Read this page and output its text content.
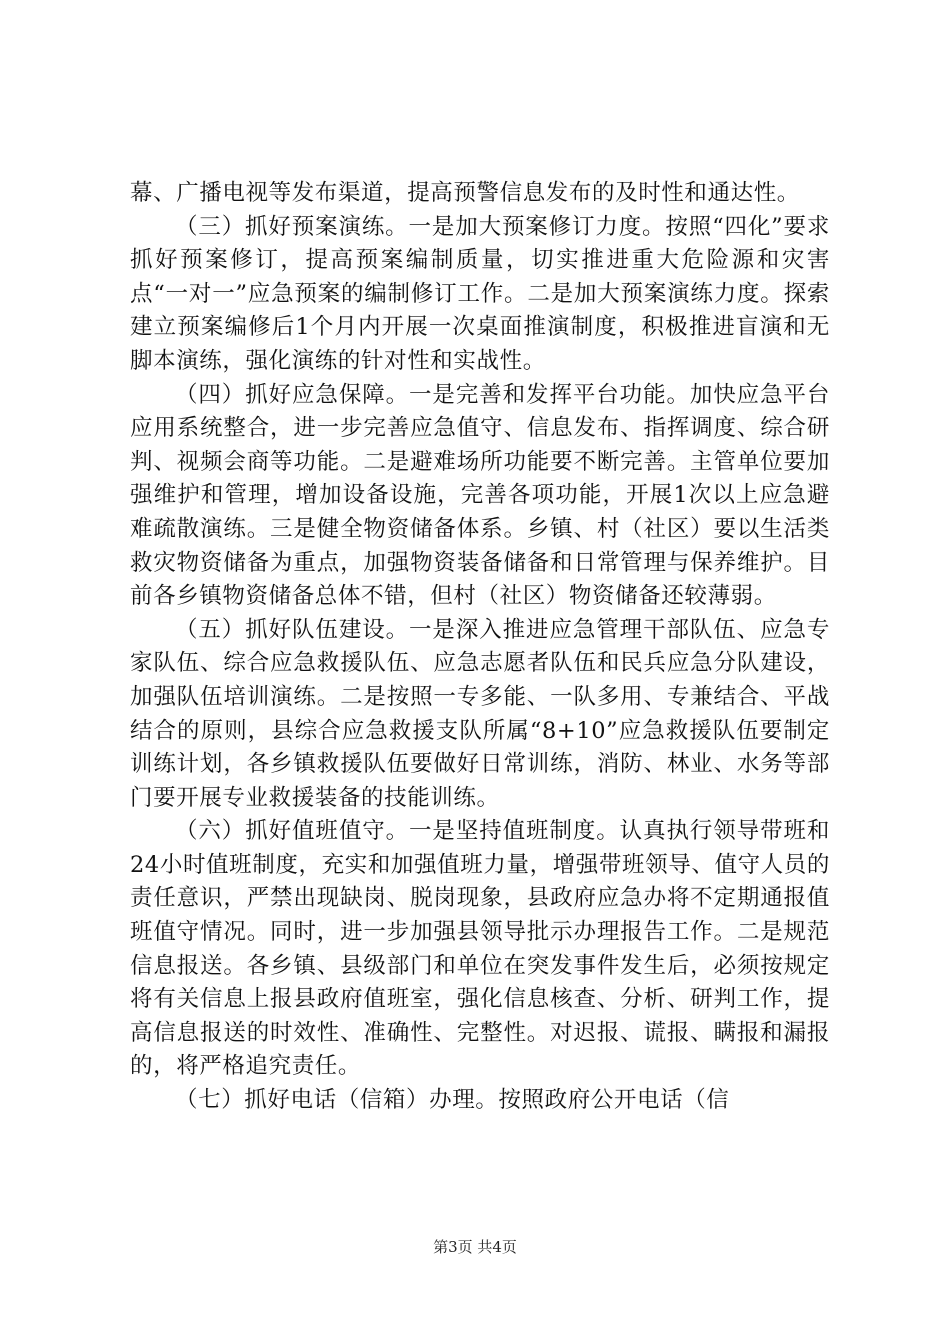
幕、广播电视等发布渠道，提高预警信息发布的及时性和通达性。

（三）抓好预案演练。一是加大预案修订力度。按照“四化”要求抓好预案修订，提高预案编制质量，切实推进重大危险源和灾害点“一对一”应急预案的编制修订工作。二是加大预案演练力度。探索建立预案编修后1个月内开展一次桌面推演制度，积极推进盲演和无脚本演练，强化演练的针对性和实战性。

（四）抓好应急保障。一是完善和发挥平台功能。加快应急平台应用系统整合，进一步完善应急值守、信息发布、指挥调度、综合研判、视频会商等功能。二是避难场所功能要不断完善。主管单位要加强维护和管理，增加设备设施，完善各项功能，开展1次以上应急避难疏散演练。三是健全物资储备体系。乡镇、村（社区）要以生活类救灾物资储备为重点，加强物资装备储备和日常管理与保养维护。目前各乡镇物资储备总体不错，但村（社区）物资储备还较薄弱。

（五）抓好队伍建设。一是深入推进应急管理干部队伍、应急专家队伍、综合应急救援队伍、应急志愿者队伍和民兵应急分队建设，加强队伍培训演练。二是按照一专多能、一队多用、专兼结合、平战结合的原则，县综合应急救援支队所属“8+10”应急救援队伍要制定训练计划，各乡镇救援队伍要做好日常训练，消防、林业、水务等部门要开展专业救援装备的技能训练。

（六）抓好值班值守。一是坚持值班制度。认真执行领导带班和24小时值班制度，充实和加强值班力量，增强带班领导、值守人员的责任意识，严禁出现缺岗、脱岗现象，县政府应急办将不定期通报值班值守情况。同时，进一步加强县领导批示办理报告工作。二是规范信息报送。各乡镇、县级部门和单位在突发事件发生后，必须按规定将有关信息上报县政府值班室，强化信息核查、分析、研判工作，提高信息报送的时效性、准确性、完整性。对迟报、谎报、瞒报和漏报的，将严格追究责任。

（七）抓好电话（信箱）办理。按照政府公开电话（信

第3页 共4页
